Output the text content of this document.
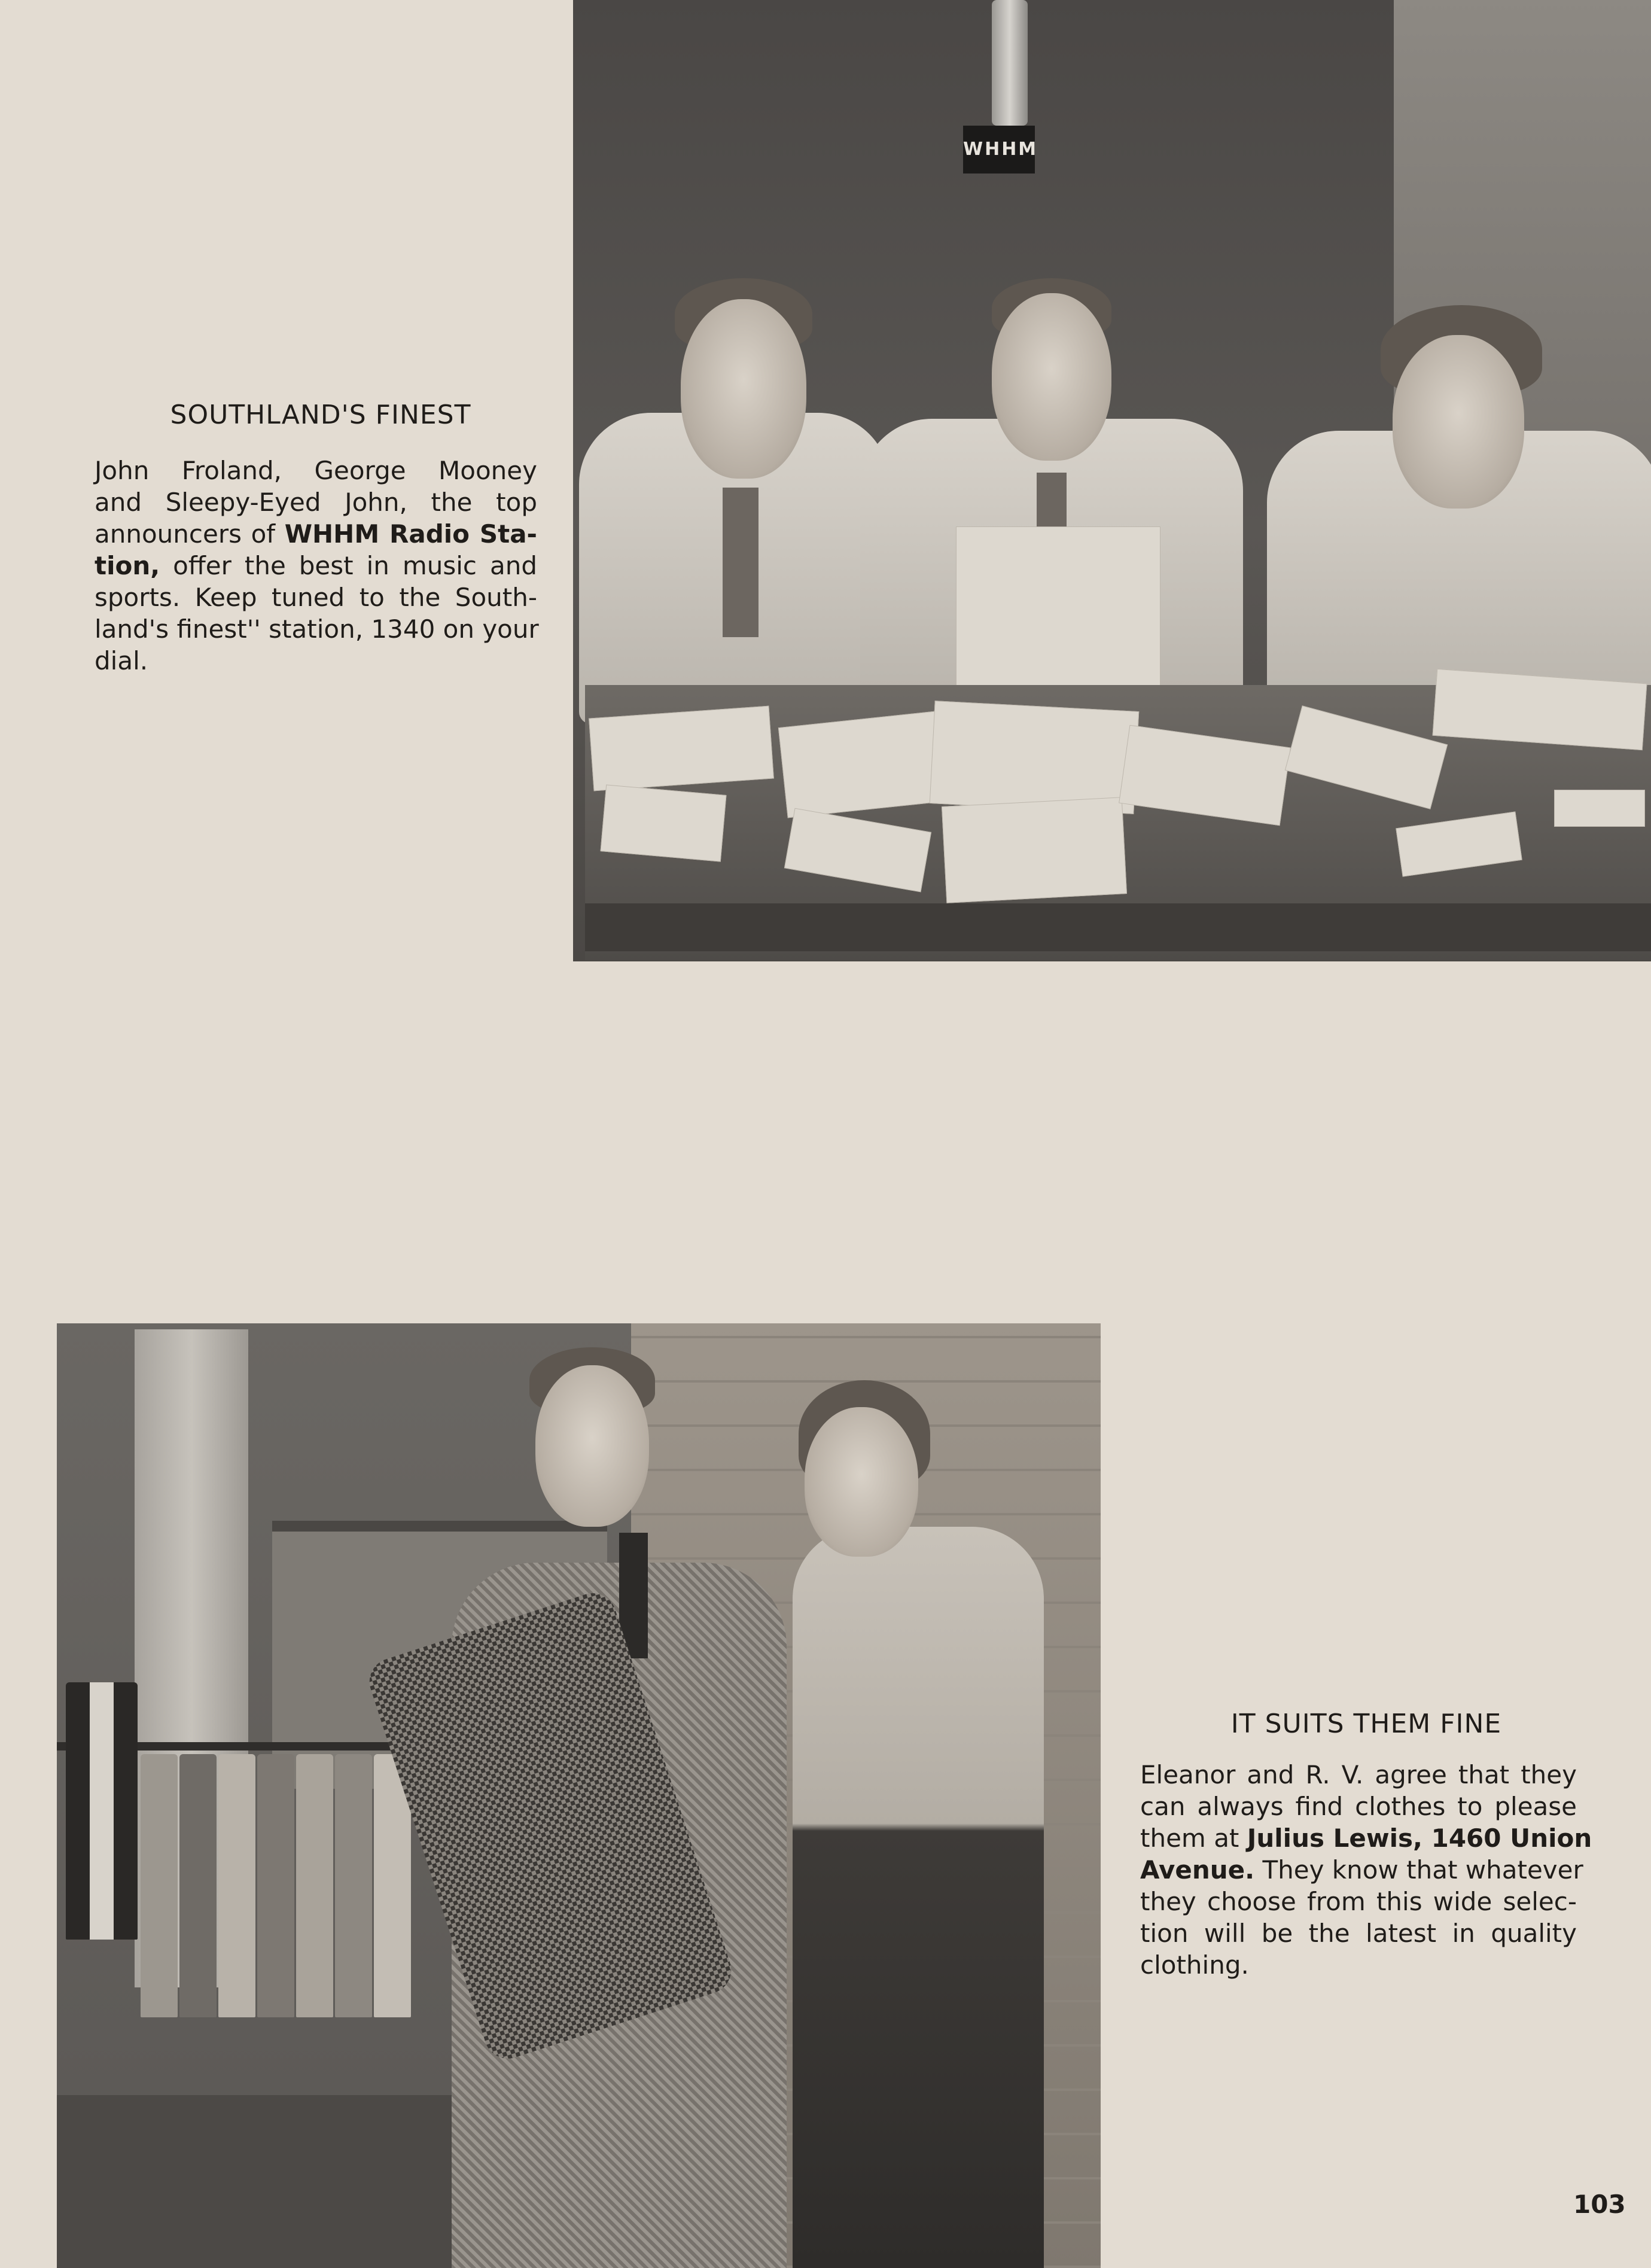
WHHM
SOUTHLAND'S FINEST
John Froland, George Mooney
and Sleepy-Eyed John, the top
announcers of WHHM Radio Sta-
tion, offer the best in music and
sports. Keep tuned to the South-
land's finest'' station, 1340 on your
dial.
IT SUITS THEM FINE
Eleanor and R. V. agree that they
can always find clothes to please
them at Julius Lewis, 1460 Union
Avenue. They know that whatever
they choose from this wide selec-
tion will be the latest in quality
clothing.
103
